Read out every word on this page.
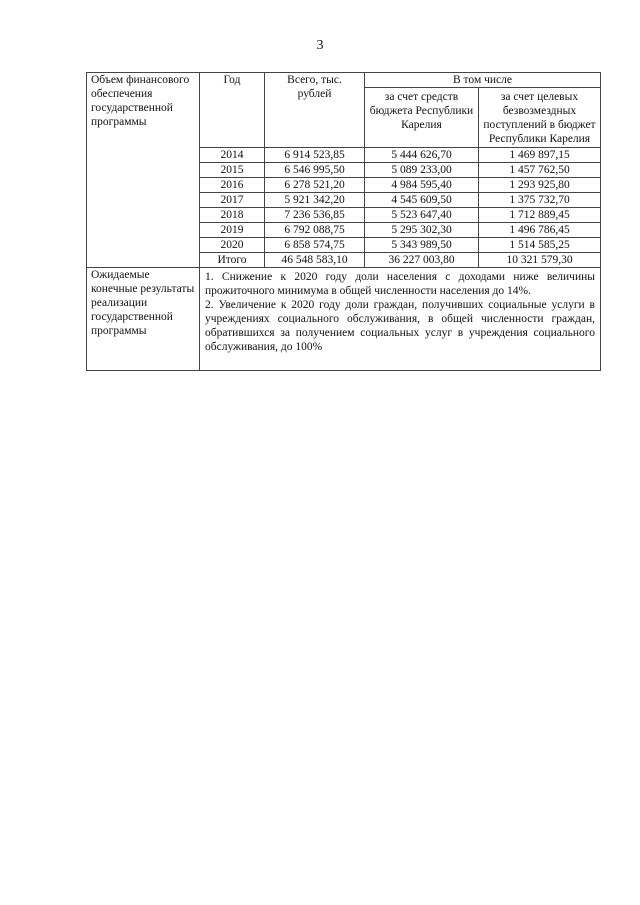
3
Объем финансового обеспечения государственной программы	Год	Всего, тыс. рублей	В том числе	
			за счет средств бюджета Республики Карелия	за счет целевых безвозмездных поступлений в бюджет Республики Карелия
	2014	6 914 523,85	5 444 626,70	1 469 897,15
	2015	6 546 995,50	5 089 233,00	1 457 762,50
	2016	6 278 521,20	4 984 595,40	1 293 925,80
	2017	5 921 342,20	4 545 609,50	1 375 732,70
	2018	7 236 536,85	5 523 647,40	1 712 889,45
	2019	6 792 088,75	5 295 302,30	1 496 786,45
	2020	6 858 574,75	5 343 989,50	1 514 585,25
	Итого	46 548 583,10	36 227 003,80	10 321 579,30
Ожидаемые конечные результаты реализации государственной программы	1. Снижение к 2020 году доли населения с доходами ниже величины прожиточного минимума в общей численности населения до 14%.

2. Увеличение к 2020 году доли граждан, получивших социальные услуги в учреждениях социального обслуживания, в общей численности граждан, обратившихся за получением социальных услуг в учреждения социального обслуживания, до 100%			
